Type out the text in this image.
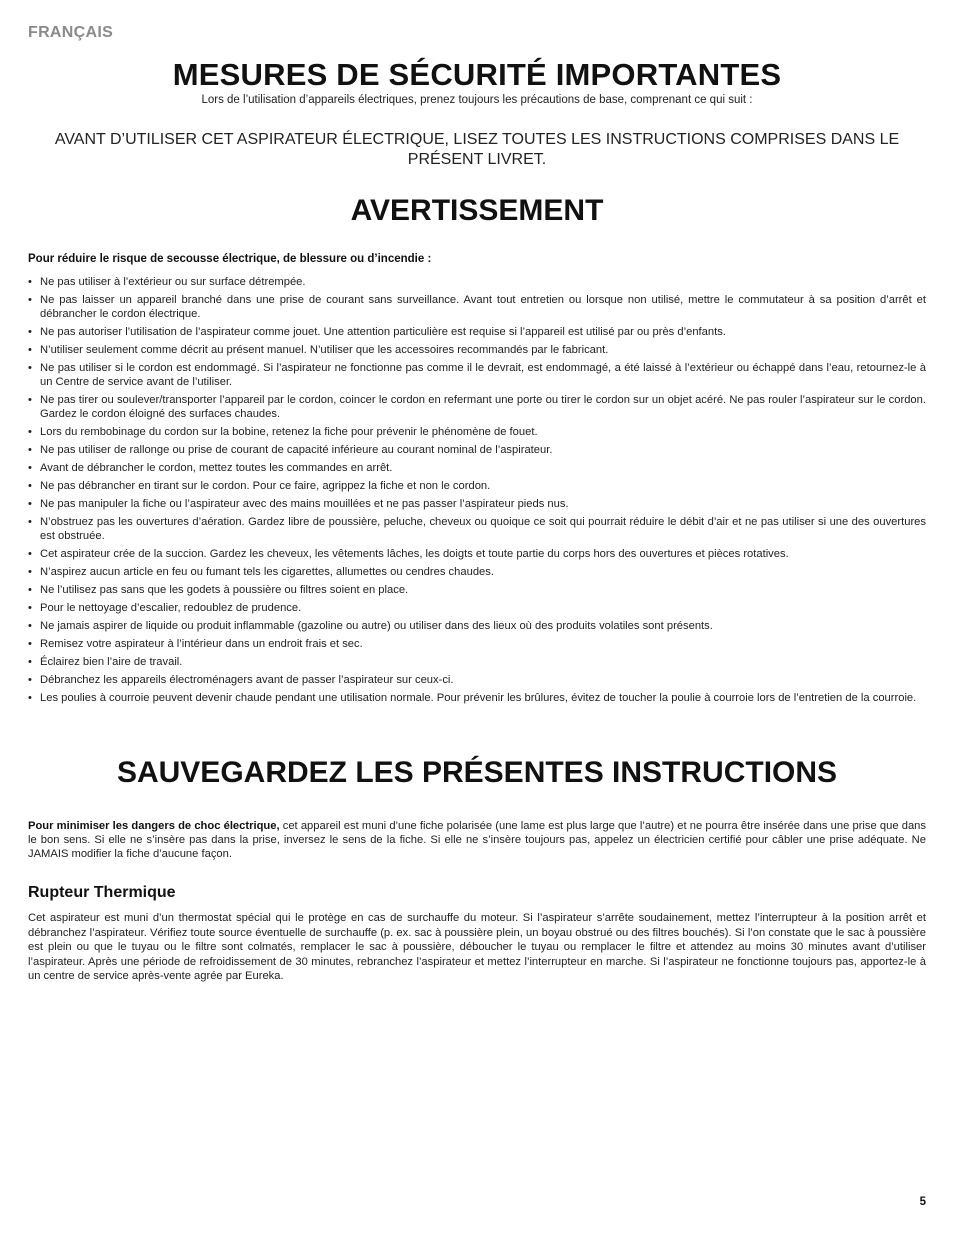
FRANÇAIS
MESURES DE SÉCURITÉ IMPORTANTES
Lors de l’utilisation d’appareils électriques, prenez toujours les précautions de base, comprenant ce qui suit :
AVANT D’UTILISER CET ASPIRATEUR ÉLECTRIQUE, LISEZ TOUTES LES INSTRUCTIONS COMPRISES DANS LE PRÉSENT LIVRET.
AVERTISSEMENT
Pour réduire le risque de secousse électrique, de blessure ou d’incendie :
• Ne pas utiliser à l’extérieur ou sur surface détrempée.
• Ne pas laisser un appareil branché dans une prise de courant sans surveillance. Avant tout entretien ou lorsque non utilisé, mettre le commutateur à sa position d’arrêt et débrancher le cordon électrique.
• Ne pas autoriser l’utilisation de l’aspirateur comme jouet. Une attention particulière est requise si l’appareil est utilisé par ou près d’enfants.
• N’utiliser seulement comme décrit au présent manuel. N’utiliser que les accessoires recommandés par le fabricant.
• Ne pas utiliser si le cordon est endommagé. Si l’aspirateur ne fonctionne pas comme il le devrait, est endommagé, a été laissé à l’extérieur ou échappé dans l’eau, retournez-le à un Centre de service avant de l’utiliser.
• Ne pas tirer ou soulever/transporter l’appareil par le cordon, coincer le cordon en refermant une porte ou tirer le cordon sur un objet acéré. Ne pas rouler l’aspirateur sur le cordon. Gardez le cordon éloigné des surfaces chaudes.
• Lors du rembobinage du cordon sur la bobine, retenez la fiche pour prévenir le phénomène de fouet.
• Ne pas utiliser de rallonge ou prise de courant de capacité inférieure au courant nominal de l’aspirateur.
• Avant de débrancher le cordon, mettez toutes les commandes en arrêt.
• Ne pas débrancher en tirant sur le cordon. Pour ce faire, agrippez la fiche et non le cordon.
• Ne pas manipuler la fiche ou l’aspirateur avec des mains mouillées et ne pas passer l’aspirateur pieds nus.
• N’obstruez pas les ouvertures d’aération. Gardez libre de poussière, peluche, cheveux ou quoique ce soit qui pourrait réduire le débit d’air et ne pas utiliser si une des ouvertures est obstruée.
• Cet aspirateur crée de la succion. Gardez les cheveux, les vêtements lâches, les doigts et toute partie du corps hors des ouvertures et pièces rotatives.
• N’aspirez aucun article en feu ou fumant tels les cigarettes, allumettes ou cendres chaudes.
• Ne l’utilisez pas sans que les godets à poussière ou filtres soient en place.
• Pour le nettoyage d’escalier, redoublez de prudence.
• Ne jamais aspirer de liquide ou produit inflammable (gazoline ou autre) ou utiliser dans des lieux où des produits volatiles sont présents.
• Remisez votre aspirateur à l’intérieur dans un endroit frais et sec.
• Éclairez bien l’aire de travail.
• Débranchez les appareils électroménagers avant de passer l’aspirateur sur ceux-ci.
• Les poulies à courroie peuvent devenir chaude pendant une utilisation normale. Pour prévenir les brûlures, évitez de toucher la poulie à courroie lors de l’entretien de la courroie.
SAUVEGARDEZ LES PRÉSENTES INSTRUCTIONS
Pour minimiser les dangers de choc électrique, cet appareil est muni d’une fiche polarisée (une lame est plus large que l’autre) et ne pourra être insérée dans une prise que dans le bon sens. Si elle ne s’insère pas dans la prise, inversez le sens de la fiche. Si elle ne s’insère toujours pas, appelez un électricien certifié pour câbler une prise adéquate. Ne JAMAIS modifier la fiche d’aucune façon.
Rupteur Thermique
Cet aspirateur est muni d’un thermostat spécial qui le protège en cas de surchauffe du moteur. Si l’aspirateur s’arrête soudainement, mettez l’interrupteur à la position arrêt et débranchez l’aspirateur. Vérifiez toute source éventuelle de surchauffe (p. ex. sac à poussière plein, un boyau obstrué ou des filtres bouchés). Si l’on constate que le sac à poussière est plein ou que le tuyau ou le filtre sont colmatés, remplacer le sac à poussière, déboucher le tuyau ou remplacer le filtre et attendez au moins 30 minutes avant d’utiliser l’aspirateur. Après une période de refroidissement de 30 minutes, rebranchez l’aspirateur et mettez l’interrupteur en marche. Si l’aspirateur ne fonctionne toujours pas, apportez-le à un centre de service après-vente agrée par Eureka.
5
